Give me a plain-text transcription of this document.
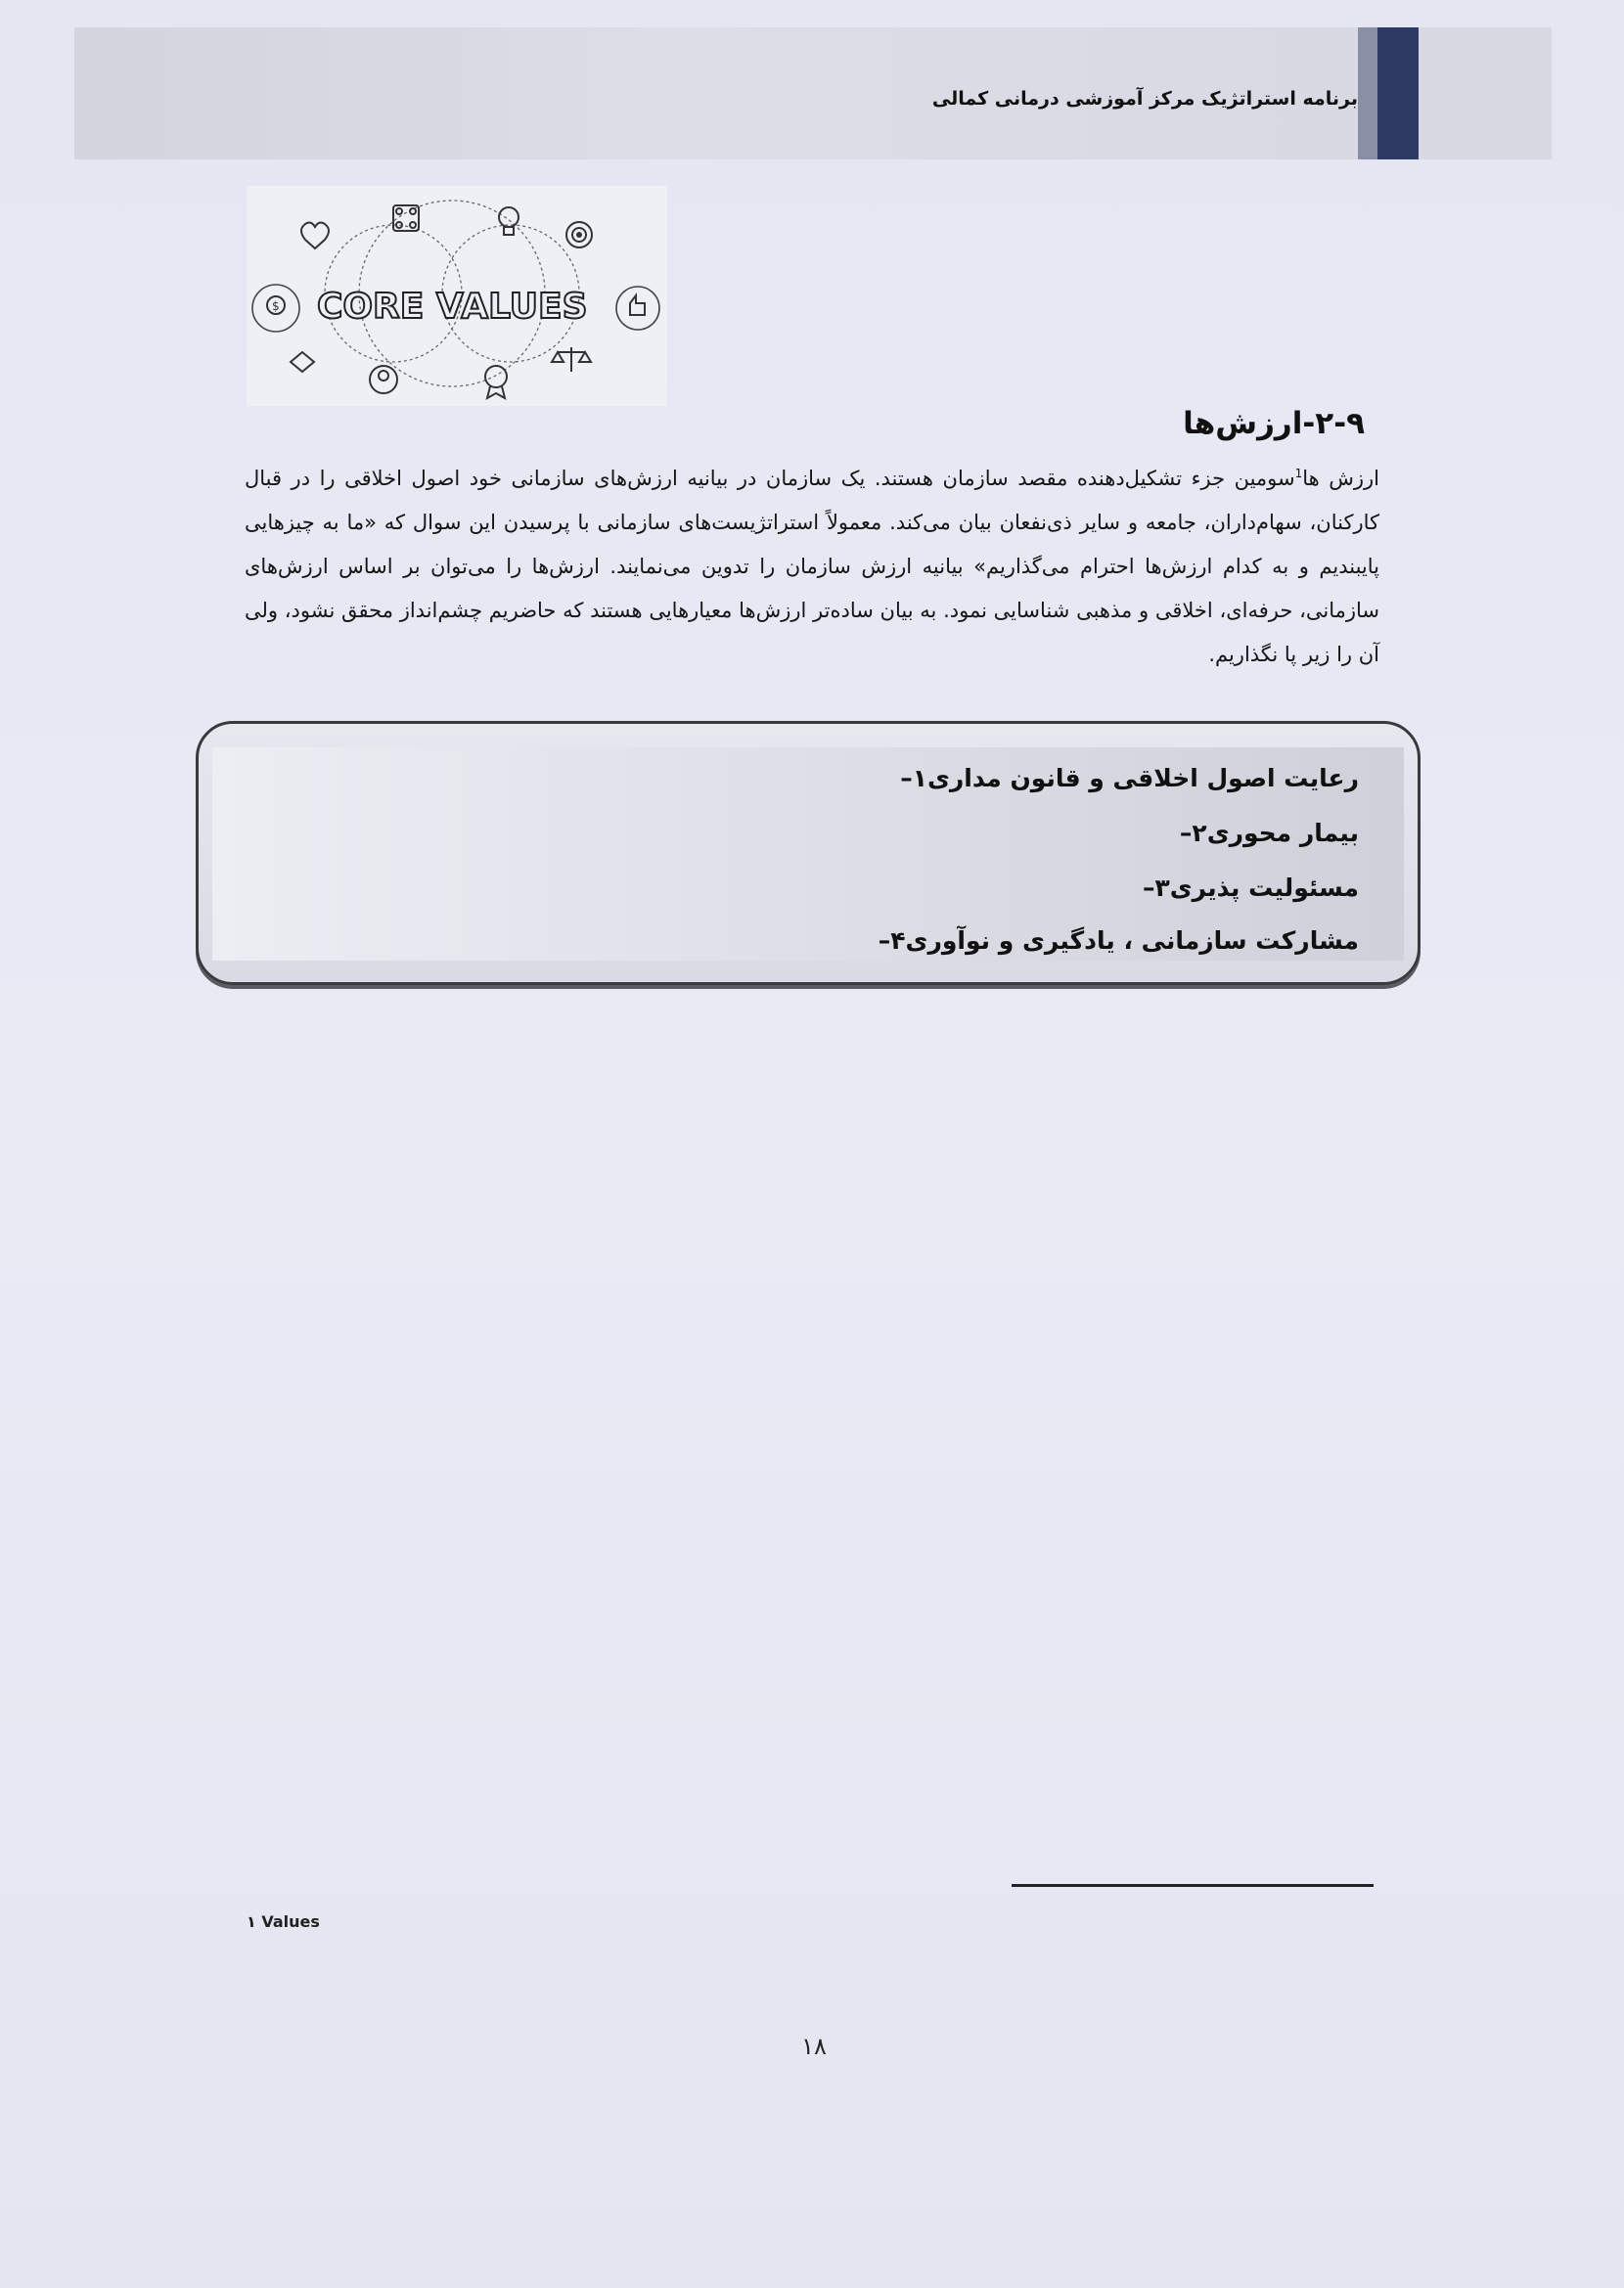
برنامه استراتژیک مرکز آموزشی درمانی کمالی
$ CORE VALUES
۲-۹-ارزش‌ها

ارزش ها$^1$سومین جزء تشکیل‌دهنده مقصد سازمان هستند. یک سازمان در بیانیه ارزش‌های سازمانی خود اصول اخلاقی را در قبال کارکنان، سهام‌داران، جامعه و سایر ذی‌نفعان بیان می‌کند. معمولاً استراتژیست‌های سازمانی با پرسیدن این سوال که «ما به چیزهایی پایبندیم و به کدام ارزش‌ها احترام می‌گذاریم» بیانیه ارزش سازمان را تدوین می‌نمایند. ارزش‌ها را می‌توان بر اساس ارزش‌های سازمانی، حرفه‌ای، اخلاقی و مذهبی شناسایی نمود. به بیان ساده‌تر ارزش‌ها معیارهایی هستند که حاضریم چشم‌انداز محقق نشود، ولی آن را زیر پا نگذاریم.

۱– رعایت اصول اخلاقی و قانون مداری
۲– بیمار محوری
۳– مسئولیت پذیری
۴– مشارکت سازمانی ، یادگیری و نوآوری
۱ Values
۱۸
